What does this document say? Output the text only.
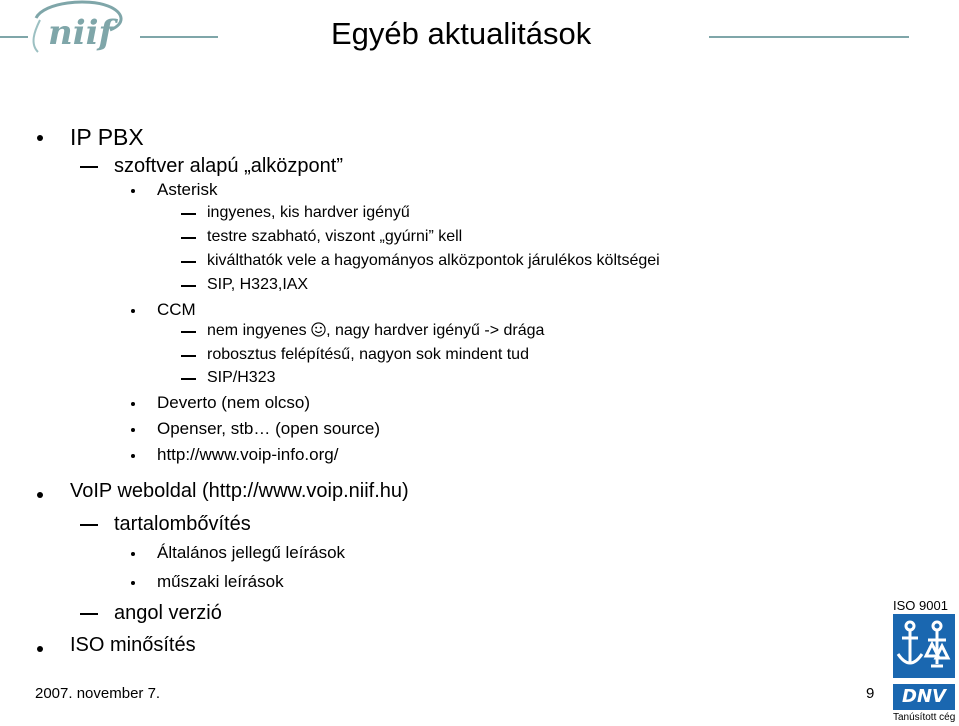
niif	Egyéb aktualitások
IP PBX
szoftver alapú „alközpont”
Asterisk
ingyenes, kis hardver igényű
testre szabható, viszont „gyúrni” kell
kiválthatók vele a hagyományos alközpontok járulékos költségei
SIP, H323,IAX
CCM
nem ingyenes , nagy hardver igényű -> drága
robosztus felépítésű, nagyon sok mindent tud
SIP/H323
Deverto (nem olcso)
Openser, stb… (open source)
http://www.voip-info.org/
VoIP weboldal (http://www.voip.niif.hu)
tartalombővítés
Általános jellegű leírások
műszaki leírások
angol verzió
ISO minősítés
2007. november 7.	9
ISO 9001
DNV
Tanúsított cég
